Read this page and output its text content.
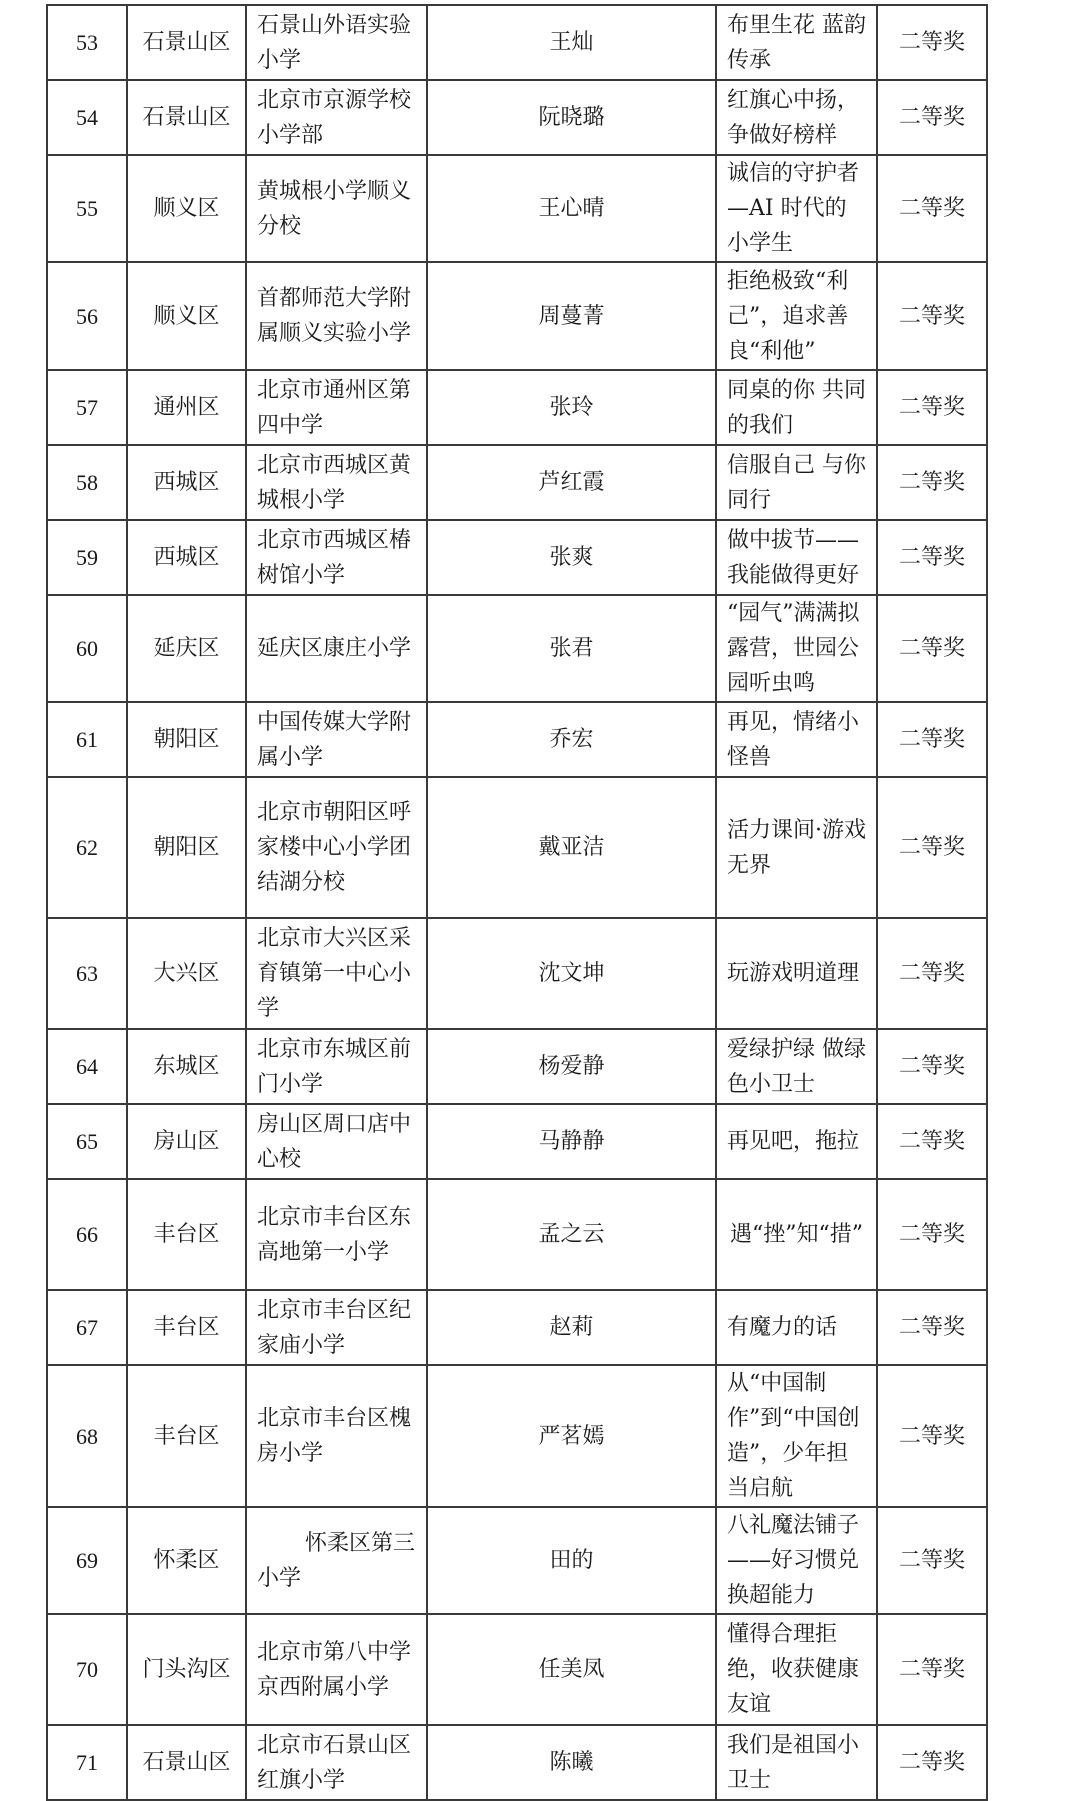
53	石景山区	石景山外语实验小学	王灿	布里生花 蓝韵传承	二等奖
54	石景山区	北京市京源学校小学部	阮晓璐	红旗心中扬，争做好榜样	二等奖
55	顺义区	黄城根小学顺义分校	王心晴	诚信的守护者—AI 时代的小学生	二等奖
56	顺义区	首都师范大学附属顺义实验小学	周蔓菁	拒绝极致“利己”，追求善良“利他”	二等奖
57	通州区	北京市通州区第四中学	张玲	同桌的你 共同的我们	二等奖
58	西城区	北京市西城区黄城根小学	芦红霞	信服自己 与你同行	二等奖
59	西城区	北京市西城区椿树馆小学	张爽	做中拔节——我能做得更好	二等奖
60	延庆区	延庆区康庄小学	张君	“园气”满满拟露营，世园公园听虫鸣	二等奖
61	朝阳区	中国传媒大学附属小学	乔宏	再见，情绪小怪兽	二等奖
62	朝阳区	北京市朝阳区呼 家楼中心小学团结湖分校	戴亚洁	活力课间·游戏无界	二等奖
63	大兴区	北京市大兴区采育镇第一中心小学	沈文坤	玩游戏明道理	二等奖
64	东城区	北京市东城区前门小学	杨爱静	爱绿护绿 做绿色小卫士	二等奖
65	房山区	房山区周口店中心校	马静静	再见吧，拖拉	二等奖
66	丰台区	北京市丰台区东高地第一小学	孟之云	遇“挫”知“措”	二等奖
67	丰台区	北京市丰台区纪家庙小学	赵莉	有魔力的话	二等奖
68	丰台区	北京市丰台区槐房小学	严茗嫣	从“中国制作”到“中国创造”，少年担当启航	二等奖
69	怀柔区	怀柔区第三小学	田的	八礼魔法铺子——好习惯兑换超能力	二等奖
70	门头沟区	北京市第八中学京西附属小学	任美凤	懂得合理拒绝，收获健康友谊	二等奖
71	石景山区	北京市石景山区红旗小学	陈曦	我们是祖国小卫士	二等奖
